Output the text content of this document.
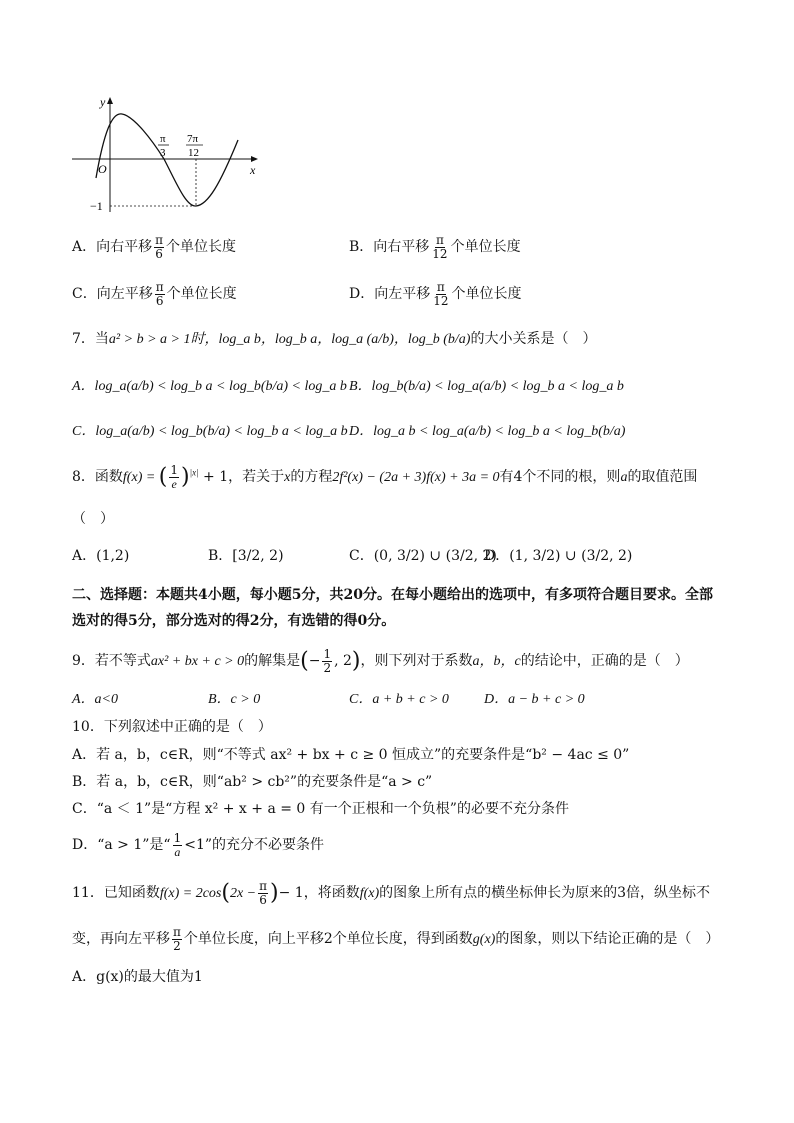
y
x
O
−1
π
3
7π
12
A．向右平移 $\frac{\pi}{6}$ 个单位长度	B．向右平移 $\frac{\pi}{12}$ 个单位长度
C．向左平移 $\frac{\pi}{6}$ 个单位长度	D．向左平移 $\frac{\pi}{12}$ 个单位长度
7．当a² > b > a > 1时，log_a b，log_b a，log_a (a/b)，log_b (b/a)的大小关系是（　）
A．log_a(a/b) < log_b a < log_b(b/a) < log_a b B．log_b(b/a) < log_a(a/b) < log_b a < log_a b
C．log_a(a/b) < log_b(b/a) < log_b a < log_a b D．log_a b < log_a(a/b) < log_b a < log_b(b/a)
8．函数f(x) = ( $\frac{1}{e} )^{|x|} + 1$，若关于x的方程2f²(x) − (2a + 3)f(x) + 3a = 0有4个不同的根，则a的取值范围
（　）
A．(1,2)	B．[3/2, 2)	C．(0, 3/2) ∪ (3/2, 2)
D．(1, 3/2) ∪ (3/2, 2)
二、选择题：本题共4小题，每小题5分，共20分。在每小题给出的选项中，有多项符合题目要求。全部
选对的得5分，部分选对的得2分，有选错的得0分。
9．若不等式ax² + bx + c > 0的解集是(− $\frac{1}{2}$ , 2)，则下列对于系数a，b，c的结论中，正确的是（　）
A．a<0	B．c > 0	C．a + b + c > 0	D．a − b + c > 0
10．下列叙述中正确的是（　）
A．若 a，b，c∈R，则“不等式 ax² + bx + c ≥ 0 恒成立”的充要条件是“b² − 4ac ≤ 0”
B．若 a，b，c∈R，则“ab² > cb²”的充要条件是“a > c”
C．“a ＜ 1”是“方程 x² + x + a = 0 有一个正根和一个负根”的必要不充分条件
D．“a > 1”是“ $\frac{1}{a} <1$”的充分不必要条件
11．已知函数$f(x) = 2\cos(2x - \frac{\pi}{6}$ )− 1，将函数f(x)的图象上所有点的横坐标伸长为原来的3倍，纵坐标不
变，再向左平移 $\frac{\pi}{2}$ 个单位长度，向上平移2个单位长度，得到函数g(x)的图象，则以下结论正确的是（　）
A．g(x)的最大值为1
